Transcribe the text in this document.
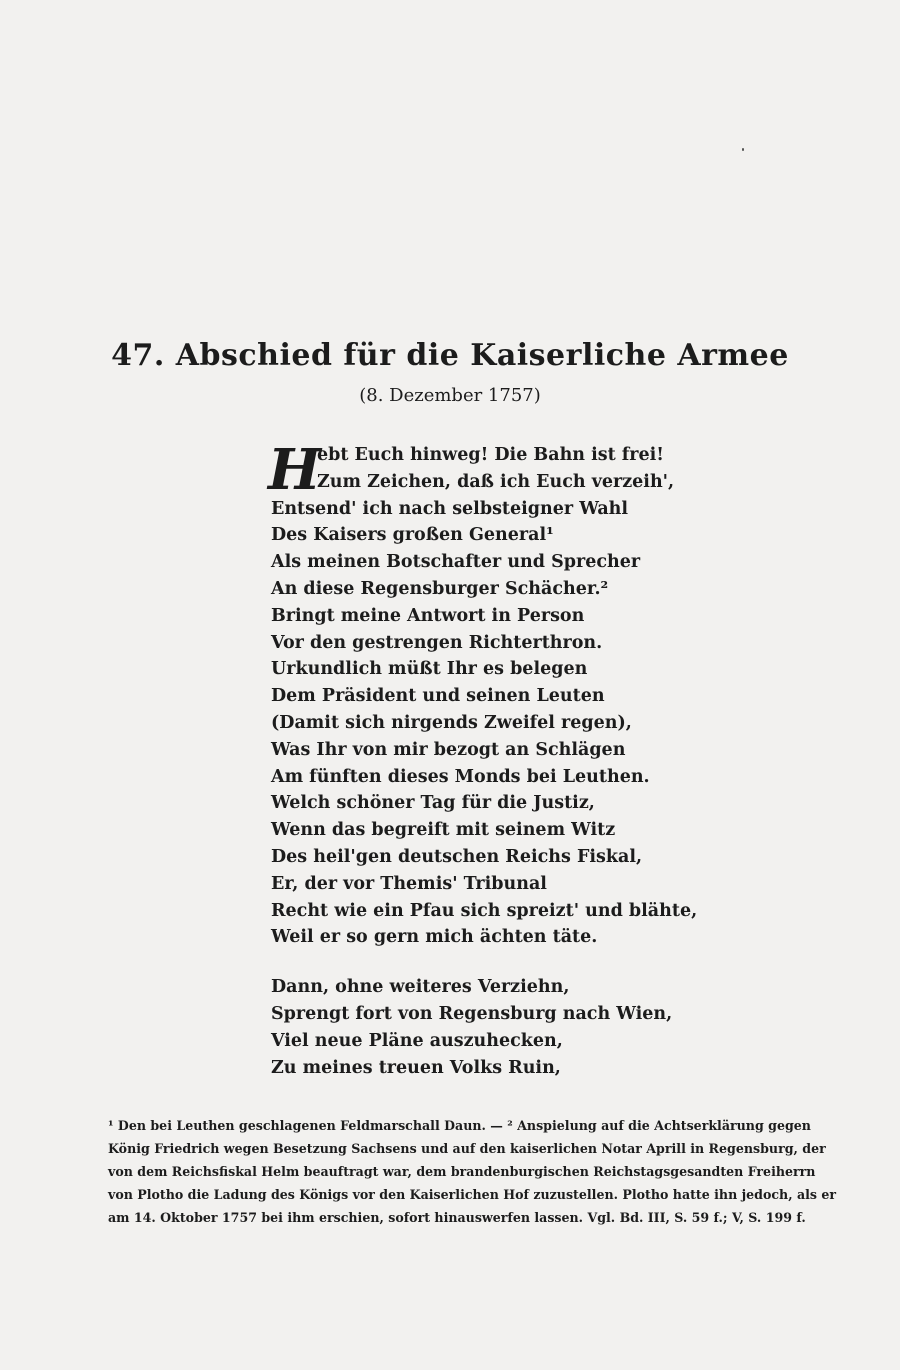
47. Abschied für die Kaiserliche Armee
(8. Dezember 1757)
H
ebt Euch hinweg! Die Bahn ist frei!
Zum Zeichen, daß ich Euch verzeih',
Entsend' ich nach selbsteigner Wahl
Des Kaisers großen General¹
Als meinen Botschafter und Sprecher
An diese Regensburger Schächer.²
Bringt meine Antwort in Person
Vor den gestrengen Richterthron.
Urkundlich müßt Ihr es belegen
Dem Präsident und seinen Leuten
(Damit sich nirgends Zweifel regen),
Was Ihr von mir bezogt an Schlägen
Am fünften dieses Monds bei Leuthen.
Welch schöner Tag für die Justiz,
Wenn das begreift mit seinem Witz
Des heil'gen deutschen Reichs Fiskal,
Er, der vor Themis' Tribunal
Recht wie ein Pfau sich spreizt' und blähte,
Weil er so gern mich ächten täte.
Dann, ohne weiteres Verziehn,
Sprengt fort von Regensburg nach Wien,
Viel neue Pläne auszuhecken,
Zu meines treuen Volks Ruin,
¹ Den bei Leuthen geschlagenen Feldmarschall Daun. — ² Anspielung auf die Achtserklärung gegen
König Friedrich wegen Besetzung Sachsens und auf den kaiserlichen Notar Aprill in Regensburg, der
von dem Reichsfiskal Helm beauftragt war, dem brandenburgischen Reichstagsgesandten Freiherrn
von Plotho die Ladung des Königs vor den Kaiserlichen Hof zuzustellen. Plotho hatte ihn jedoch, als er
am 14. Oktober 1757 bei ihm erschien, sofort hinauswerfen lassen. Vgl. Bd. III, S. 59 f.; V, S. 199 f.
